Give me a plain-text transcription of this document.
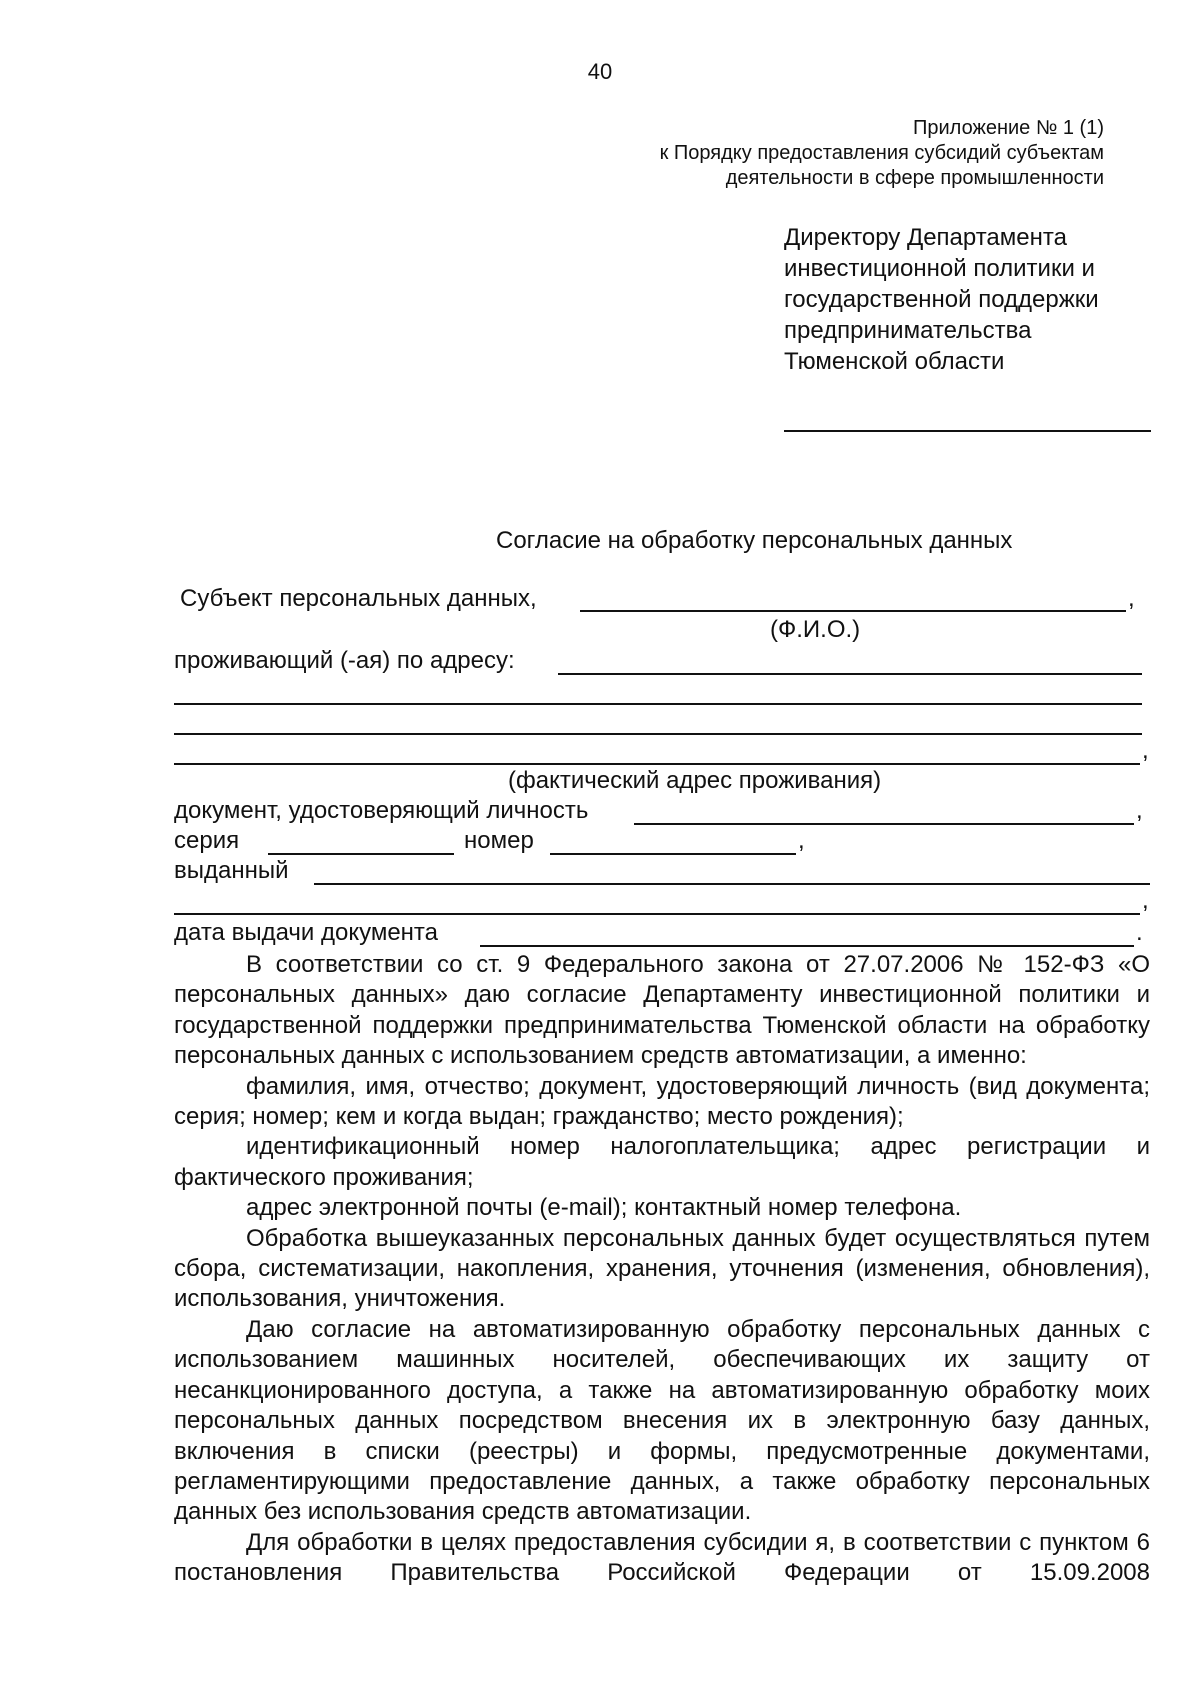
40
Приложение № 1 (1)
к Порядку предоставления субсидий субъектам
деятельности в сфере промышленности
Директору Департамента
инвестиционной политики и
государственной поддержки
предпринимательства
Тюменской области
Согласие на обработку персональных данных
Субъект персональных данных,	,
(Ф.И.О.)
проживающий (-ая) по адресу:
,
(фактический адрес проживания)
документ, удостоверяющий личность	,
серия	номер	,
выданный
,
дата выдачи документа	.

В соответствии со ст. 9 Федерального закона от 27.07.2006 № 152-ФЗ «О персональных данных» даю согласие Департаменту инвестиционной политики и государственной поддержки предпринимательства Тюменской области на обработку персональных данных с использованием средств автоматизации, а именно:

фамилия, имя, отчество; документ, удостоверяющий личность (вид документа; серия; номер; кем и когда выдан; гражданство; место рождения);

идентификационный номер налогоплательщика; адрес регистрации и фактического проживания;

адрес электронной почты (e-mail); контактный номер телефона.

Обработка вышеуказанных персональных данных будет осуществляться путем сбора, систематизации, накопления, хранения, уточнения (изменения, обновления), использования, уничтожения.

Даю согласие на автоматизированную обработку персональных данных с использованием машинных носителей, обеспечивающих их защиту от несанкционированного доступа, а также на автоматизированную обработку моих персональных данных посредством внесения их в электронную базу данных, включения в списки (реестры) и формы, предусмотренные документами, регламентирующими предоставление данных, а также обработку персональных данных без использования средств автоматизации.

Для обработки в целях предоставления субсидии я, в соответствии с пунктом 6 постановления Правительства Российской Федерации от 15.09.2008
